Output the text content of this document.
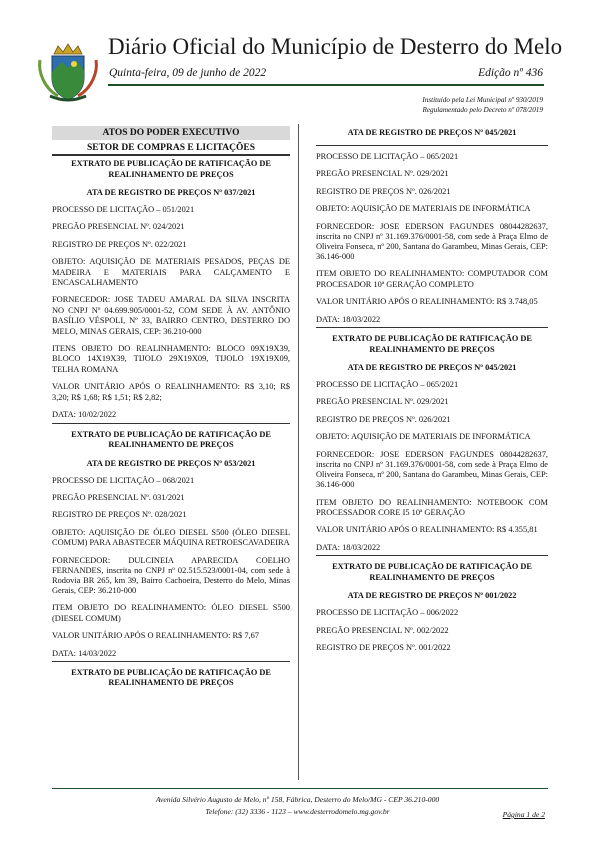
Diário Oficial do Município de Desterro do Melo
Quinta-feira, 09 de junho de 2022	Edição nº 436
Instituído pela Lei Municipal nº 930/2019
Regulamentado pelo Decreto nº 078/2019
ATOS DO PODER EXECUTIVO
SETOR DE COMPRAS E LICITAÇÕES
EXTRATO DE PUBLICAÇÃO DE RATIFICAÇÃO DE REALINHAMENTO DE PREÇOS
ATA DE REGISTRO DE PREÇOS Nº 037/2021

PROCESSO DE LICITAÇÃO – 051/2021

PREGÃO PRESENCIAL Nº. 024/2021

REGISTRO DE PREÇOS Nº. 022/2021

OBJETO: AQUISIÇÃO DE MATERIAIS PESADOS, PEÇAS DE MADEIRA E MATERIAIS PARA CALÇAMENTO E ENCASCALHAMENTO

FORNECEDOR: JOSE TADEU AMARAL DA SILVA INSCRITA NO CNPJ Nº 04.699.905/0001-52, COM SEDE À AV. ANTÔNIO BASÍLIO VÉSPOLI, Nº 33, BAIRRO CENTRO, DESTERRO DO MELO, MINAS GERAIS, CEP: 36.210-000

ITENS OBJETO DO REALINHAMENTO: BLOCO 09X19X39, BLOCO 14X19X39, TIJOLO 29X19X09, TIJOLO 19X19X09, TELHA ROMANA

VALOR UNITÁRIO APÓS O REALINHAMENTO: R$ 3,10; R$ 3,20; R$ 1,68; R$ 1,51; R$ 2,82;

DATA: 10/02/2022

EXTRATO DE PUBLICAÇÃO DE RATIFICAÇÃO DE REALINHAMENTO DE PREÇOS
ATA DE REGISTRO DE PREÇOS Nº 053/2021

PROCESSO DE LICITAÇÃO – 068/2021

PREGÃO PRESENCIAL Nº. 031/2021

REGISTRO DE PREÇOS Nº. 028/2021

OBJETO: AQUISIÇÃO DE ÓLEO DIESEL S500 (ÓLEO DIESEL COMUM) PARA ABASTECER MÁQUINA RETROESCAVADEIRA

FORNECEDOR: DULCINEIA APARECIDA COELHO FERNANDES, inscrita no CNPJ nº 02.515.523/0001-04, com sede à Rodovia BR 265, km 39, Bairro Cachoeira, Desterro do Melo, Minas Gerais, CEP: 36.210-000

ITEM OBJETO DO REALINHAMENTO: ÓLEO DIESEL S500 (DIESEL COMUM)

VALOR UNITÁRIO APÓS O REALINHAMENTO: R$ 7,67

DATA: 14/03/2022

EXTRATO DE PUBLICAÇÃO DE RATIFICAÇÃO DE REALINHAMENTO DE PREÇOS
ATA DE REGISTRO DE PREÇOS Nº 045/2021

PROCESSO DE LICITAÇÃO – 065/2021

PREGÃO PRESENCIAL Nº. 029/2021

REGISTRO DE PREÇOS Nº. 026/2021

OBJETO: AQUISIÇÃO DE MATERIAIS DE INFORMÁTICA

FORNECEDOR: JOSE EDERSON FAGUNDES 08044282637, inscrita no CNPJ nº 31.169.376/0001-58, com sede à Praça Elmo de Oliveira Fonseca, nº 200, Santana do Garambeu, Minas Gerais, CEP: 36.146-000

ITEM OBJETO DO REALINHAMENTO: COMPUTADOR COM PROCESADOR 10ª GERAÇÃO COMPLETO

VALOR UNITÁRIO APÓS O REALINHAMENTO: R$ 3.748,05

DATA: 18/03/2022

EXTRATO DE PUBLICAÇÃO DE RATIFICAÇÃO DE REALINHAMENTO DE PREÇOS
ATA DE REGISTRO DE PREÇOS Nº 045/2021

PROCESSO DE LICITAÇÃO – 065/2021

PREGÃO PRESENCIAL Nº. 029/2021

REGISTRO DE PREÇOS Nº. 026/2021

OBJETO: AQUISIÇÃO DE MATERIAIS DE INFORMÁTICA

FORNECEDOR: JOSE EDERSON FAGUNDES 08044282637, inscrita no CNPJ nº 31.169.376/0001-58, com sede à Praça Elmo de Oliveira Fonseca, nº 200, Santana do Garambeu, Minas Gerais, CEP: 36.146-000

ITEM OBJETO DO REALINHAMENTO: NOTEBOOK COM PROCESSADOR CORE I5 10ª GERAÇÃO

VALOR UNITÁRIO APÓS O REALINHAMENTO: R$ 4.355,81

DATA: 18/03/2022

EXTRATO DE PUBLICAÇÃO DE RATIFICAÇÃO DE REALINHAMENTO DE PREÇOS
ATA DE REGISTRO DE PREÇOS Nº 001/2022

PROCESSO DE LICITAÇÃO – 006/2022

PREGÃO PRESENCIAL Nº. 002/2022

REGISTRO DE PREÇOS Nº. 001/2022

Avenida Silvério Augusto de Melo, nº 158, Fábrica, Desterro do Melo/MG - CEP 36.210-000
Telefone: (32) 3336 - 1123 – www.desterrodomelo.mg.gov.br	Página 1 de 2
